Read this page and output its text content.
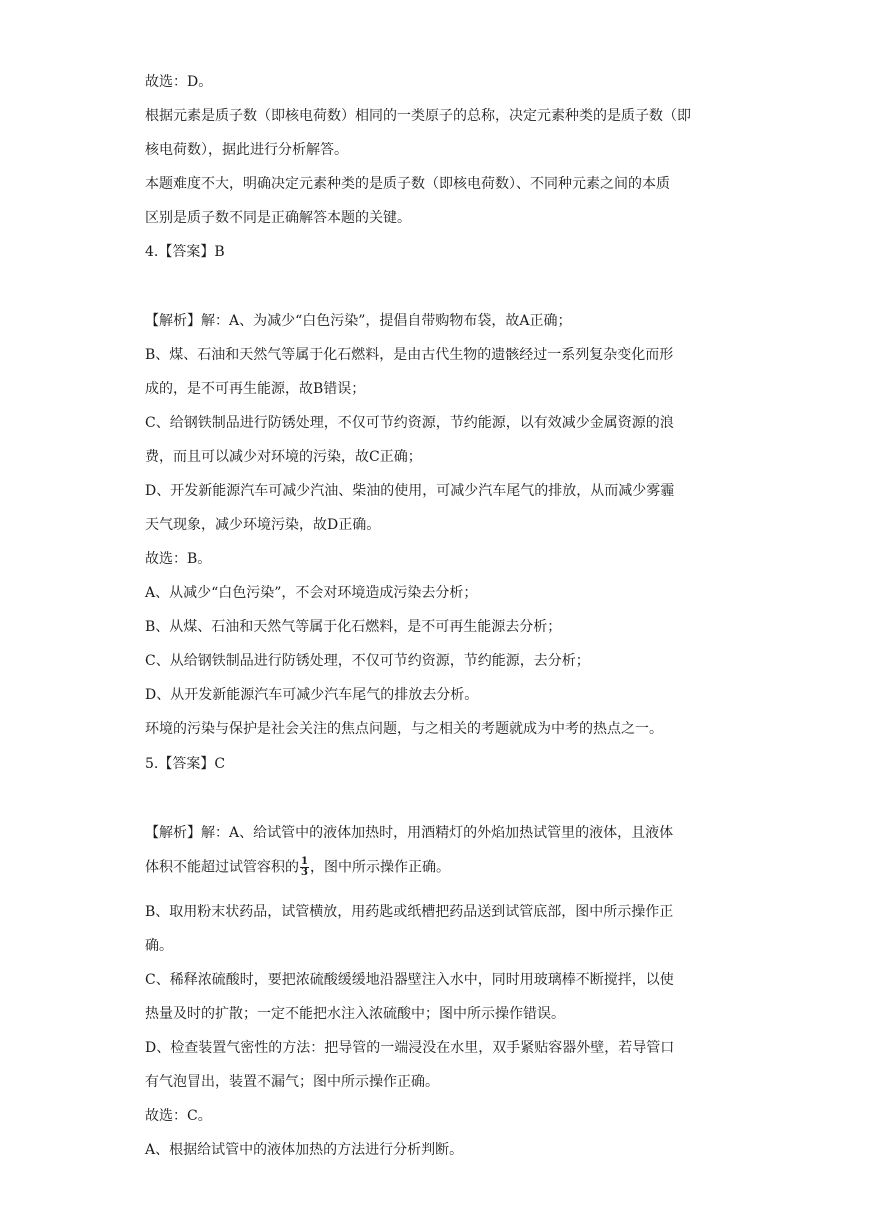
故选：D。
根据元素是质子数（即核电荷数）相同的一类原子的总称，决定元素种类的是质子数（即
核电荷数），据此进行分析解答。
本题难度不大，明确决定元素种类的是质子数（即核电荷数）、不同种元素之间的本质
区别是质子数不同是正确解答本题的关键。
4.【答案】B
【解析】解：A、为减少“白色污染”，提倡自带购物布袋，故A正确；
B、煤、石油和天然气等属于化石燃料，是由古代生物的遗骸经过一系列复杂变化而形
成的，是不可再生能源，故B错误；
C、给钢铁制品进行防锈处理，不仅可节约资源，节约能源，以有效减少金属资源的浪
费，而且可以减少对环境的污染，故C正确；
D、开发新能源汽车可减少汽油、柴油的使用，可减少汽车尾气的排放，从而减少雾霾
天气现象，减少环境污染，故D正确。
故选：B。
A、从减少“白色污染”，不会对环境造成污染去分析；
B、从煤、石油和天然气等属于化石燃料，是不可再生能源去分析；
C、从给钢铁制品进行防锈处理，不仅可节约资源，节约能源，去分析；
D、从开发新能源汽车可减少汽车尾气的排放去分析。
环境的污染与保护是社会关注的焦点问题，与之相关的考题就成为中考的热点之一。
5.【答案】C
【解析】解：A、给试管中的液体加热时，用酒精灯的外焰加热试管里的液体，且液体
体积不能超过试管容积的 $\frac{1}{3}$ ，图中所示操作正确。
B、取用粉末状药品，试管横放，用药匙或纸槽把药品送到试管底部，图中所示操作正
确。
C、稀释浓硫酸时，要把浓硫酸缓缓地沿器壁注入水中，同时用玻璃棒不断搅拌，以使
热量及时的扩散；一定不能把水注入浓硫酸中；图中所示操作错误。
D、检查装置气密性的方法：把导管的一端浸没在水里，双手紧贴容器外壁，若导管口
有气泡冒出，装置不漏气；图中所示操作正确。
故选：C。
A、根据给试管中的液体加热的方法进行分析判断。
